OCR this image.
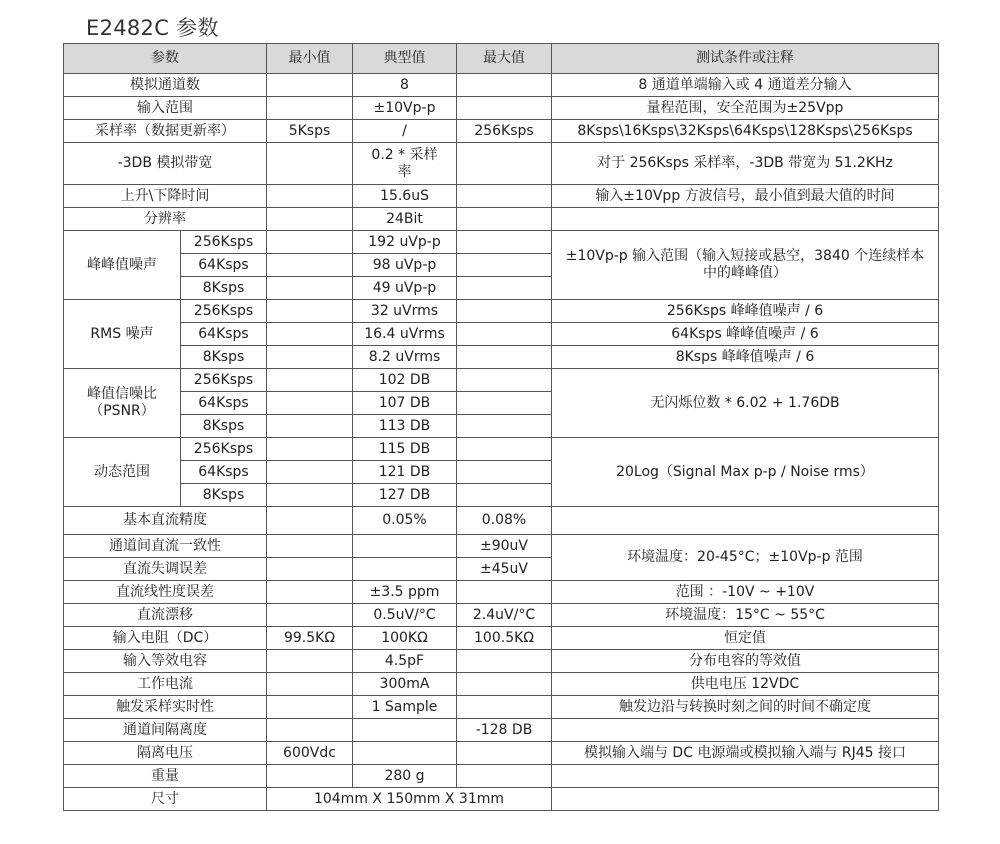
E2482C 参数
参数		最小值	典型值	最大值	测试条件或注释
模拟通道数			8		8 通道单端输入或 4 通道差分输入
输入范围			±10Vp-p		量程范围，安全范围为±25Vpp
采样率（数据更新率）		5Ksps	/	256Ksps	8Ksps\16Ksps\32Ksps\64Ksps\128Ksps\256Ksps
-3DB 模拟带宽			0.2 * 采样率		对于 256Ksps 采样率，-3DB 带宽为 51.2KHz
上升\下降时间			15.6uS		输入±10Vpp 方波信号，最小值到最大值的时间
分辨率			24Bit		
峰峰值噪声	256Ksps		192 uVp-p		±10Vp-p 输入范围（输入短接或悬空，3840 个连续样本中的峰峰值）
	64Ksps		98 uVp-p		
	8Ksps		49 uVp-p		
RMS 噪声	256Ksps		32 uVrms		256Ksps 峰峰值噪声 / 6
	64Ksps		16.4 uVrms		64Ksps 峰峰值噪声 / 6
	8Ksps		8.2 uVrms		8Ksps 峰峰值噪声 / 6
峰值信噪比（PSNR）	256Ksps		102 DB		无闪烁位数 * 6.02 + 1.76DB
	64Ksps		107 DB		
	8Ksps		113 DB		
动态范围	256Ksps		115 DB		20Log（Signal Max p-p / Noise rms）
	64Ksps		121 DB		
	8Ksps		127 DB		
基本直流精度			0.05%	0.08%	
通道间直流一致性				±90uV	环境温度：20-45°C；±10Vp-p 范围
直流失调误差				±45uV	
直流线性度误差			±3.5 ppm		范围 ：-10V ~ +10V
直流漂移			0.5uV/°C	2.4uV/°C	环境温度：15°C ~ 55°C
输入电阻（DC）		99.5KΩ	100KΩ	100.5KΩ	恒定值
输入等效电容			4.5pF		分布电容的等效值
工作电流			300mA		供电电压 12VDC
触发采样实时性			1 Sample		触发边沿与转换时刻之间的时间不确定度
通道间隔离度				-128 DB	
隔离电压		600Vdc			模拟输入端与 DC 电源端或模拟输入端与 RJ45 接口
重量			280 g		
尺寸		104mm X 150mm X 31mm			
